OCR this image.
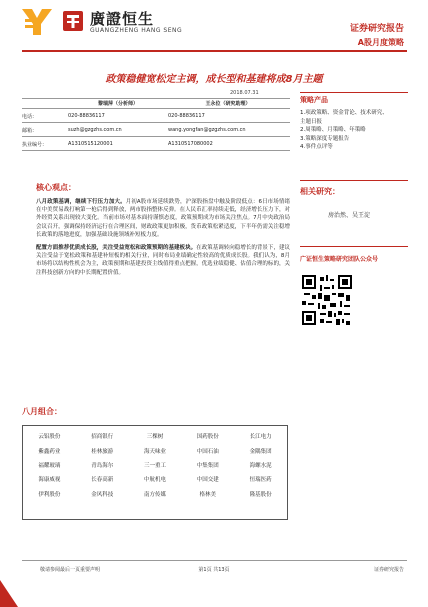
廣證恒生
GUANGZHENG HANG SENG	证券研究报告
A股月度策略
政策稳健宽松定主调，成长型和基建将成8月主题
黎瑞萍（分析师）	王永位（研究助理）
电话：	020-88836117	020-88836117
邮箱：	suzh@gzgzhs.com.cn	wang.yongfan@gzgzhs.com.cn
执业编号：	A1310515120001	A1310517080002
2018.07.31
策略产品
1.项政策略、资金背论、技术研究、
主题日报
2.周策略、月策略、年策略
3.策略深度专题报告
4.事件点评等
相关研究：
房治然、吴王淀
广证恒生策略研究团队公众号
核心观点：

八月政策基调，继续下行压力加大。月初A股市场延续跌势，沪深股指盘中触及阶段低点：6日市场情绪在中美贸易战打响第一枪后得到释放，两市股指整体反弹。在人民币汇率持续走低，经济增长压力下，对外经贸关系出现较大变化。当前市场对基本面持谨慎态度，政策预期成为市场关注焦点。7月中央政治局会议召开，强调保持经济运行在合理区间，财政政策更加积极，货币政策松紧适度，下半年仍需关注稳增长政策的落地进度，加强基础设施领域补短板力度。

配置方面推荐优质成长股，关注受益宽松和政策预期的基建板块。在政策基调转向稳增长的背景下，建议关注受益于宽松政策和基建补短板的相关行业，同时布局业绩确定性较高的优质成长股。我们认为，8月市场将以结构性机会为主，政策预期和基建投资主线值得重点把握，优选业绩稳健、估值合理的标的，关注科技创新方向的中长期配置价值。

八月组合：
云铝股份	招商银行	三棵树	国药股份	长江电力
紫鑫药业	桂林旅游	海天味业	中国石油	金隅集团
福耀玻璃	青岛海尔	三一重工	中集集团	海螺水泥
海康威视	长春高新	中航机电	中国交建	恒瑞医药
伊利股份	金风科技	南方传媒	格林美	隆基股份
敬请参阅最后一页重要声明	第1页 共13页	证券研究报告
